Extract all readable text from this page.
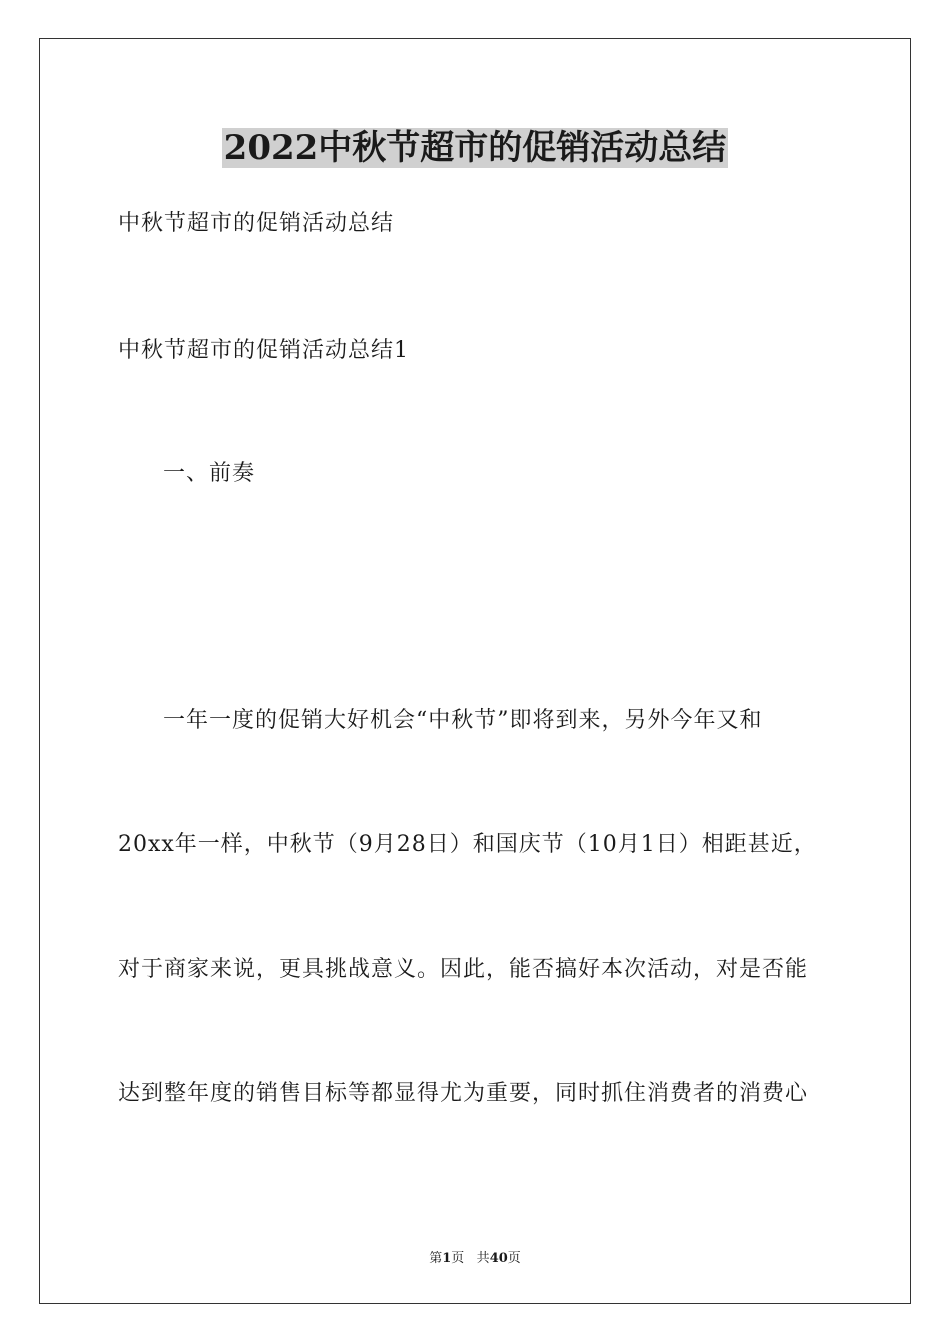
2022中秋节超市的促销活动总结
中秋节超市的促销活动总结
中秋节超市的促销活动总结1
一、前奏
一年一度的促销大好机会“中秋节”即将到来，另外今年又和
20xx年一样，中秋节（9月28日）和国庆节（10月1日）相距甚近，
对于商家来说，更具挑战意义。因此，能否搞好本次活动，对是否能
达到整年度的销售目标等都显得尤为重要，同时抓住消费者的消费心
第1页 共40页
